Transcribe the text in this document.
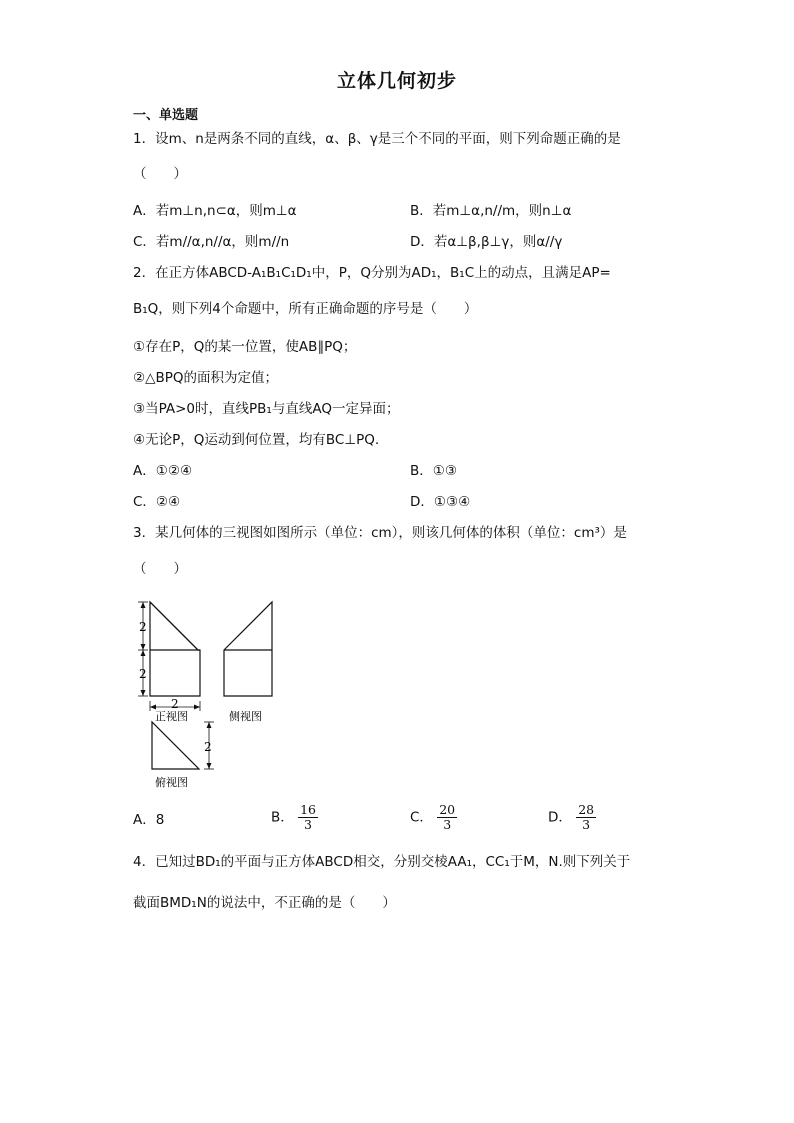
立体几何初步
一、单选题
1．设m、n是两条不同的直线，α、β、γ是三个不同的平面，则下列命题正确的是
（　　）
A．若m⊥n,n⊂α，则m⊥α	B．若m⊥α,n//m，则n⊥α
C．若m//α,n//α，则m//n	D．若α⊥β,β⊥γ，则α//γ
2．在正方体ABCD-A₁B₁C₁D₁中，P，Q分别为AD₁，B₁C上的动点，且满足AP=
B₁Q，则下列4个命题中，所有正确命题的序号是（　　）
①存在P，Q的某一位置，使AB∥PQ；
②△BPQ的面积为定值；
③当PA>0时，直线PB₁与直线AQ一定异面；
④无论P，Q运动到何位置，均有BC⊥PQ.
A．①②④	B．①③
C．②④	D．①③④
3．某几何体的三视图如图所示（单位：cm），则该几何体的体积（单位：cm³）是
（　　）
2
2
2
2
正视图	侧视图
俯视图
A．8	B． $\frac{16}{3}$	C． $\frac{20}{3}$	D． $\frac{28}{3}$
4．已知过BD₁的平面与正方体ABCD相交，分别交棱AA₁，CC₁于M，N.则下列关于
截面BMD₁N的说法中，不正确的是（　　）
